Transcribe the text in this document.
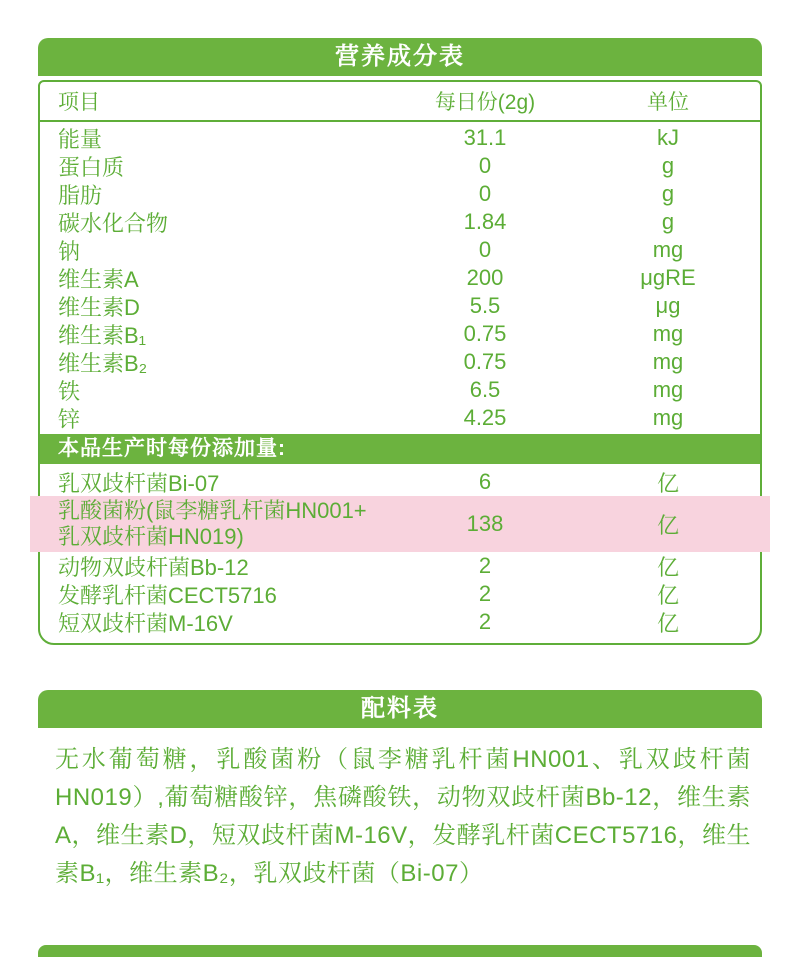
营养成分表
项目	每日份(2g)	单位
能量	31.1	kJ
蛋白质	0	g
脂肪	0	g
碳水化合物	1.84	g
钠	0	mg
维生素A	200	μgRE
维生素D	5.5	μg
维生素B₁	0.75	mg
维生素B₂	0.75	mg
铁	6.5	mg
锌	4.25	mg
本品生产时每份添加量:
乳双歧杆菌Bi-07	6	亿
乳酸菌粉(鼠李糖乳杆菌HN001+
乳双歧杆菌HN019)
138	亿
动物双歧杆菌Bb-12	2	亿
发酵乳杆菌CECT5716	2	亿
短双歧杆菌M-16V	2	亿
配料表
无水葡萄糖，乳酸菌粉（鼠李糖乳杆菌HN001、乳双歧杆菌HN019）,葡萄糖酸锌，焦磷酸铁，动物双歧杆菌Bb-12，维生素A，维生素D，短双歧杆菌M-16V，发酵乳杆菌CECT5716，维生素B₁，维生素B₂，乳双歧杆菌（Bi-07）
